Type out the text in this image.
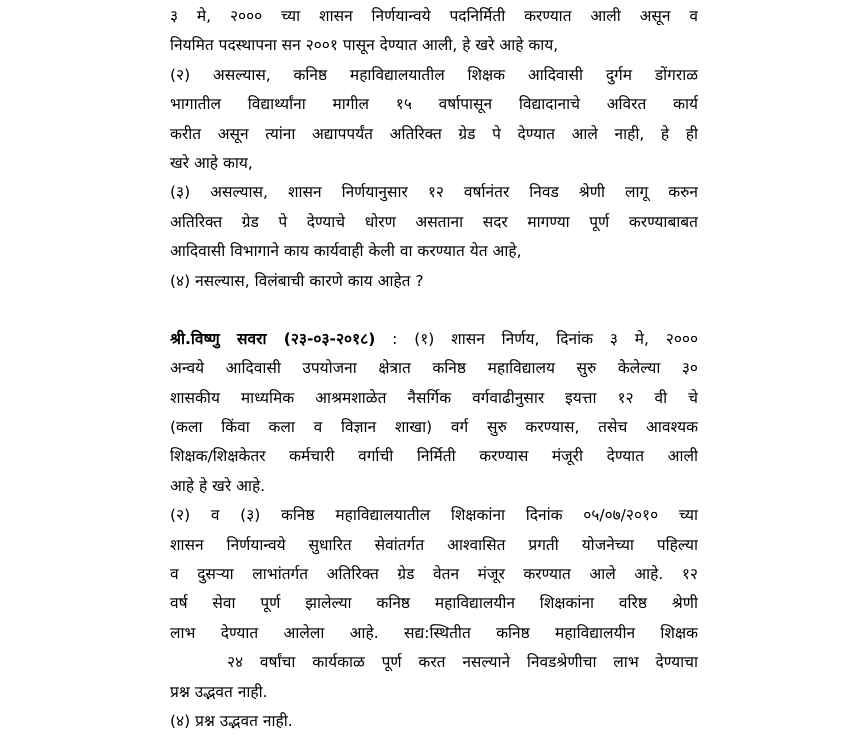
३ मे, २००० च्या शासन निर्णयान्वये पदनिर्मिती करण्यात आली असून व
नियमित पदस्थापना सन २००१ पासून देण्यात आली, हे खरे आहे काय,
(२) असल्यास, कनिष्ठ महाविद्यालयातील शिक्षक आदिवासी दुर्गम डोंगराळ
भागातील विद्यार्थ्यांना मागील १५ वर्षापासून विद्यादानाचे अविरत कार्य
करीत असून त्यांना अद्यापपर्यंत अतिरिक्त ग्रेड पे देण्यात आले नाही, हे ही
खरे आहे काय,
(३) असल्यास, शासन निर्णयानुसार १२ वर्षानंतर निवड श्रेणी लागू करुन
अतिरिक्त ग्रेड पे देण्याचे धोरण असताना सदर मागण्या पूर्ण करण्याबाबत
आदिवासी विभागाने काय कार्यवाही केली वा करण्यात येत आहे,
(४) नसल्यास, विलंबाची कारणे काय आहेत ?
श्री.विष्णु सवरा (२३-०३-२०१८) : (१) शासन निर्णय, दिनांक ३ मे, २०००
अन्वये आदिवासी उपयोजना क्षेत्रात कनिष्ठ महाविद्यालय सुरु केलेल्या ३०
शासकीय माध्यमिक आश्रमशाळेत नैसर्गिक वर्गवाढीनुसार इयत्ता १२ वी चे
(कला किंवा कला व विज्ञान शाखा) वर्ग सुरु करण्यास, तसेच आवश्यक
शिक्षक/शिक्षकेतर कर्मचारी वर्गाची निर्मिती करण्यास मंजूरी देण्यात आली
आहे हे खरे आहे.
(२) व (३) कनिष्ठ महाविद्यालयातील शिक्षकांना दिनांक ०५/०७/२०१० च्या
शासन निर्णयान्वये सुधारित सेवांतर्गत आश्वासित प्रगती योजनेच्या पहिल्या
व दुसऱ्या लाभांतर्गत अतिरिक्त ग्रेड वेतन मंजूर करण्यात आले आहे. १२
वर्ष सेवा पूर्ण झालेल्या कनिष्ठ महाविद्यालयीन शिक्षकांना वरिष्ठ श्रेणी
लाभ देण्यात आलेला आहे. सद्य:स्थितीत कनिष्ठ महाविद्यालयीन शिक्षक
२४ वर्षांचा कार्यकाळ पूर्ण करत नसल्याने निवडश्रेणीचा लाभ देण्याचा
प्रश्न उद्भवत नाही.
(४) प्रश्न उद्भवत नाही.
